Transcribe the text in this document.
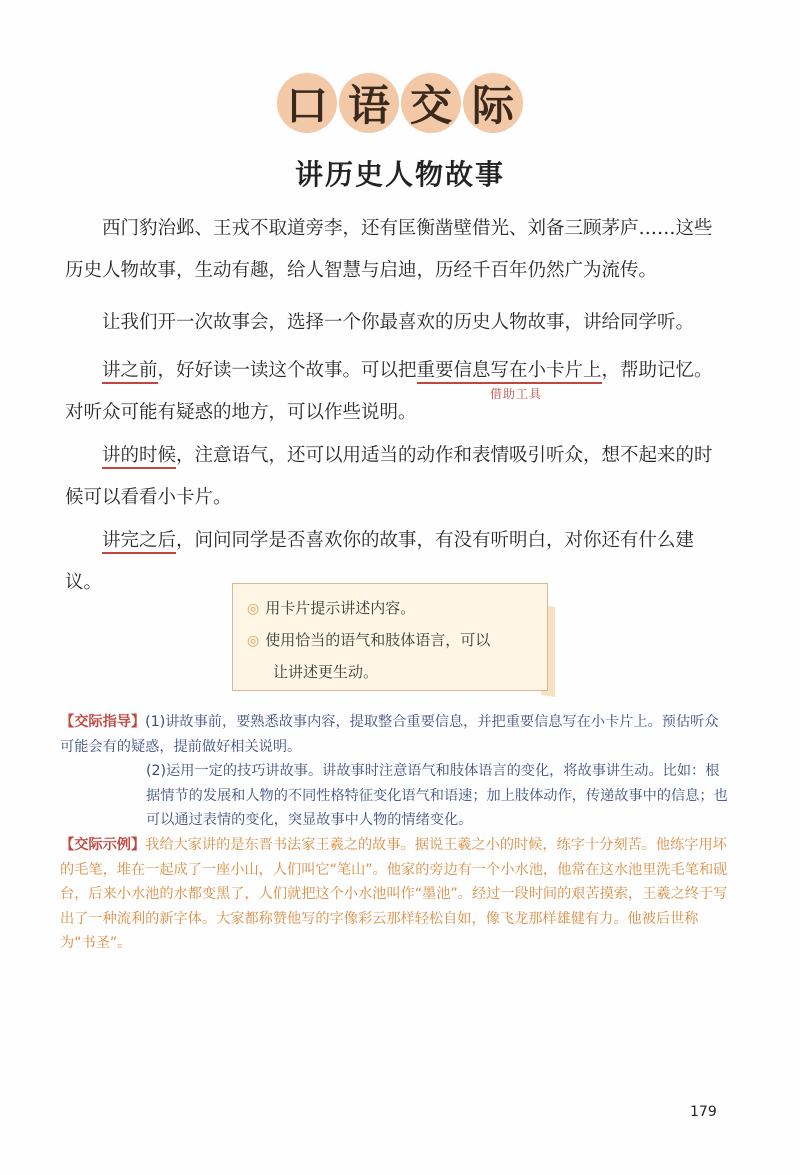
口 语 交 际
讲历史人物故事

西门豹治邺、王戎不取道旁李，还有匡衡凿壁借光、刘备三顾茅庐……这些历史人物故事，生动有趣，给人智慧与启迪，历经千百年仍然广为流传。

让我们开一次故事会，选择一个你最喜欢的历史人物故事，讲给同学听。

讲之前，好好读一读这个故事。可以把重要信息写在小卡片上，帮助记忆。对听众可能有疑惑的地方，可以作些说明。

借助工具

讲的时候，注意语气，还可以用适当的动作和表情吸引听众，想不起来的时候可以看看小卡片。

讲完之后，问问同学是否喜欢你的故事，有没有听明白，对你还有什么建议。

◎ 用卡片提示讲述内容。
◎ 使用恰当的语气和肢体语言，可以
让讲述更生动。
【交际指导】(1)讲故事前，要熟悉故事内容，提取整合重要信息，并把重要信息写在小卡片上。预估听众可能会有的疑惑，提前做好相关说明。
(2)运用一定的技巧讲故事。讲故事时注意语气和肢体语言的变化，将故事讲生动。比如：根据情节的发展和人物的不同性格特征变化语气和语速；加上肢体动作，传递故事中的信息；也可以通过表情的变化，突显故事中人物的情绪变化。
【交际示例】我给大家讲的是东晋书法家王羲之的故事。据说王羲之小的时候，练字十分刻苦。他练字用坏的毛笔，堆在一起成了一座小山，人们叫它“笔山”。他家的旁边有一个小水池，他常在这水池里洗毛笔和砚台，后来小水池的水都变黑了，人们就把这个小水池叫作“墨池”。经过一段时间的艰苦摸索，王羲之终于写出了一种流利的新字体。大家都称赞他写的字像彩云那样轻松自如，像飞龙那样雄健有力。他被后世称为“书圣”。
179
